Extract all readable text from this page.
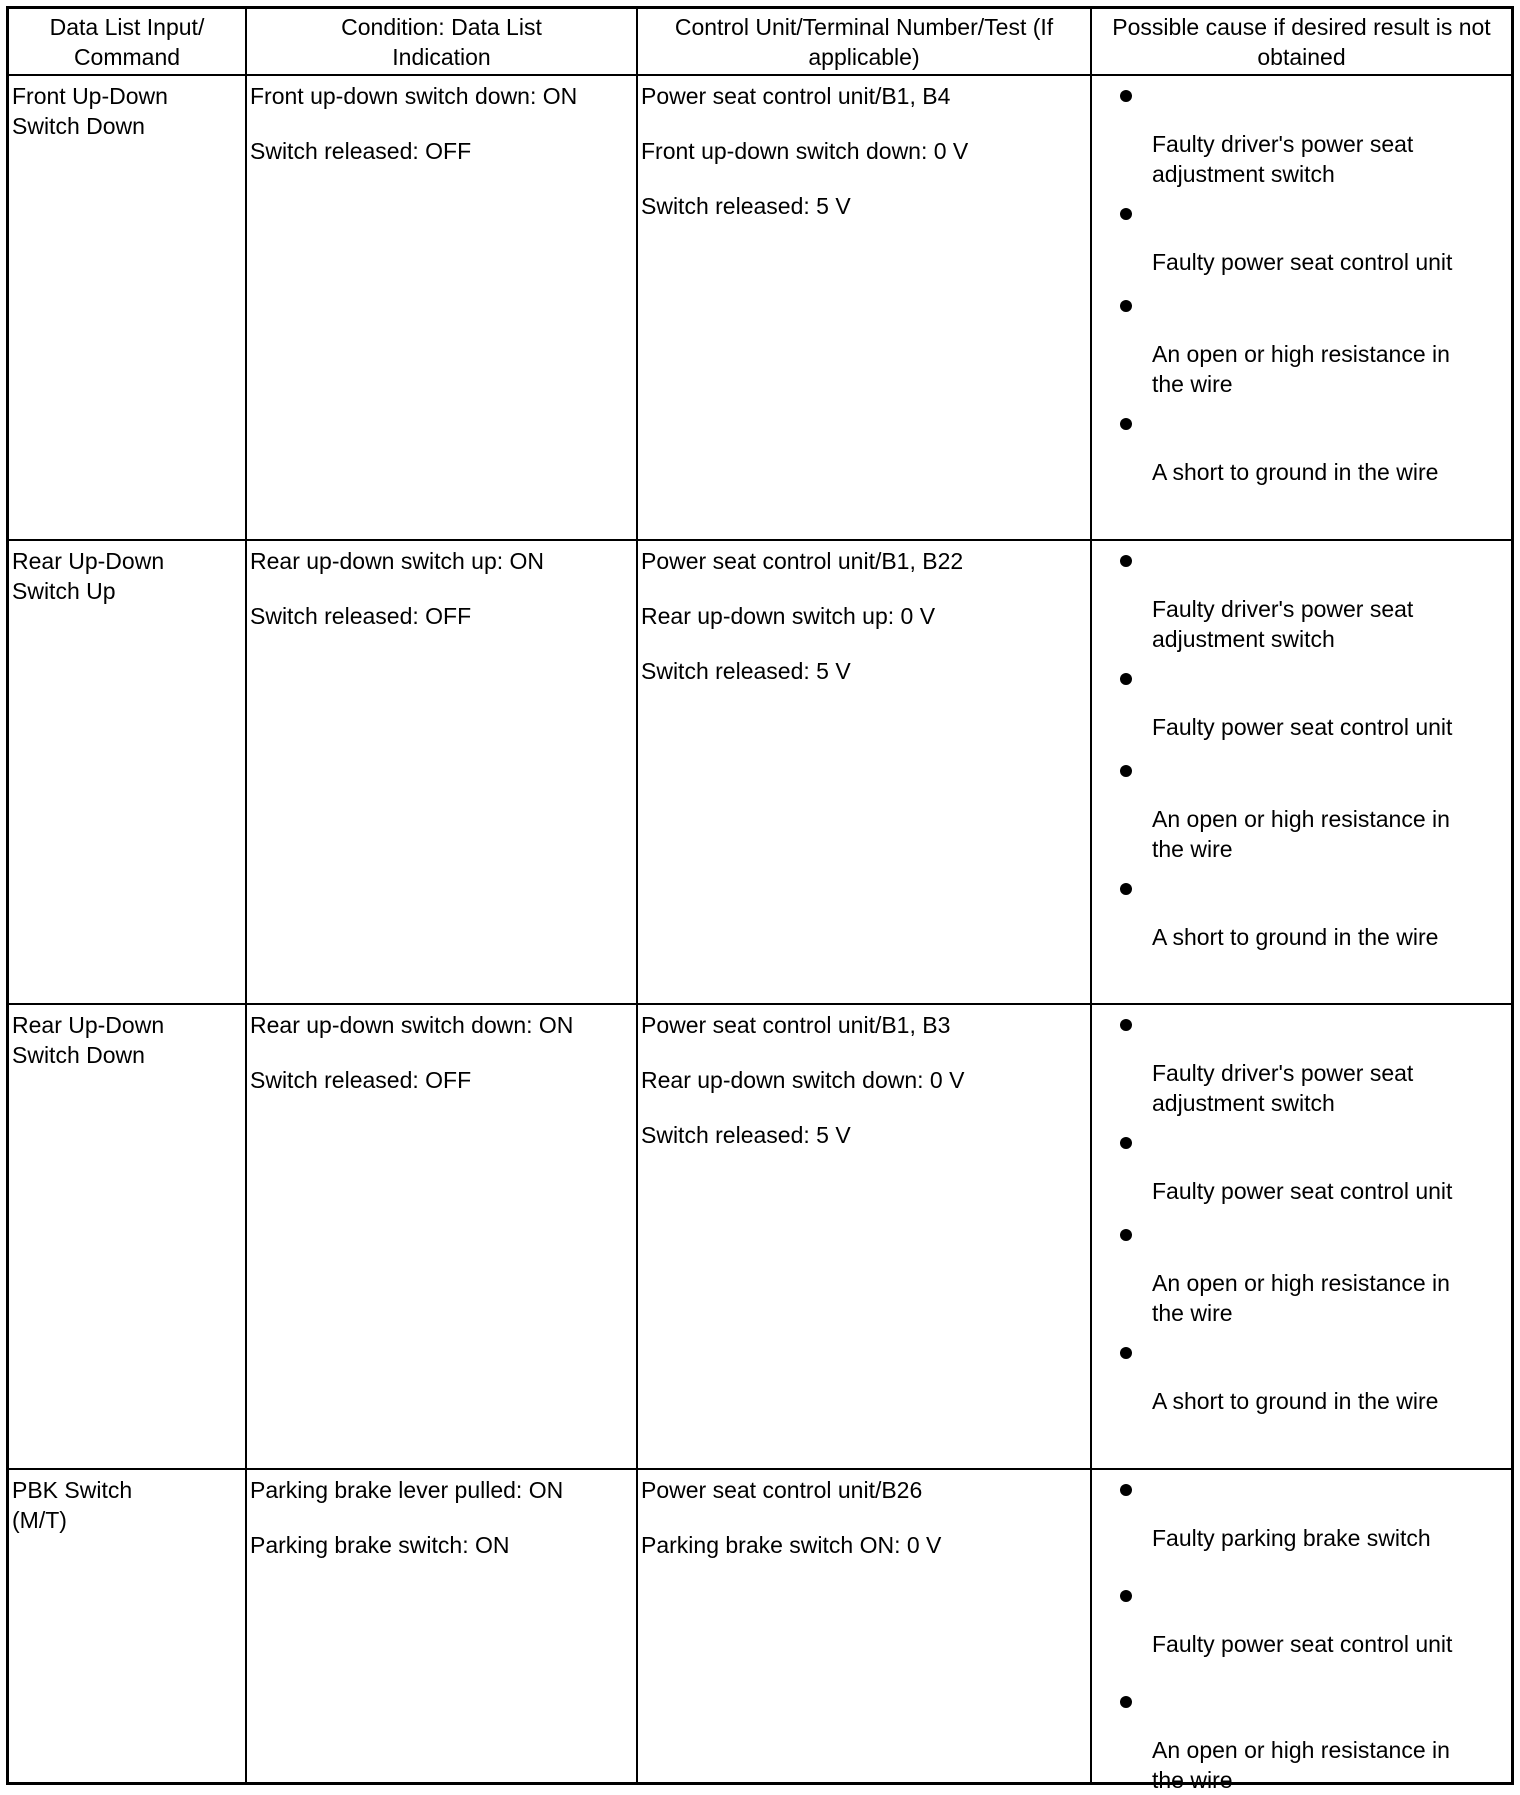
Data List Input/
Command
Condition: Data List
Indication
Control Unit/Terminal Number/Test (If
applicable)
Possible cause if desired result is not
obtained
Front Up-Down
Switch Down
Front up-down switch down: ON
Switch released: OFF
Power seat control unit/B1, B4
Front up-down switch down: 0 V
Switch released: 5 V
Faulty driver's power seat
adjustment switch
Faulty power seat control unit
An open or high resistance in
the wire
A short to ground in the wire
Rear Up-Down
Switch Up
Rear up-down switch up: ON
Switch released: OFF
Power seat control unit/B1, B22
Rear up-down switch up: 0 V
Switch released: 5 V
Faulty driver's power seat
adjustment switch
Faulty power seat control unit
An open or high resistance in
the wire
A short to ground in the wire
Rear Up-Down
Switch Down
Rear up-down switch down: ON
Switch released: OFF
Power seat control unit/B1, B3
Rear up-down switch down: 0 V
Switch released: 5 V
Faulty driver's power seat
adjustment switch
Faulty power seat control unit
An open or high resistance in
the wire
A short to ground in the wire
PBK Switch
(M/T)
Parking brake lever pulled: ON
Parking brake switch: ON
Power seat control unit/B26
Parking brake switch ON: 0 V	Faulty parking brake switch
Faulty power seat control unit
An open or high resistance in
the wire
